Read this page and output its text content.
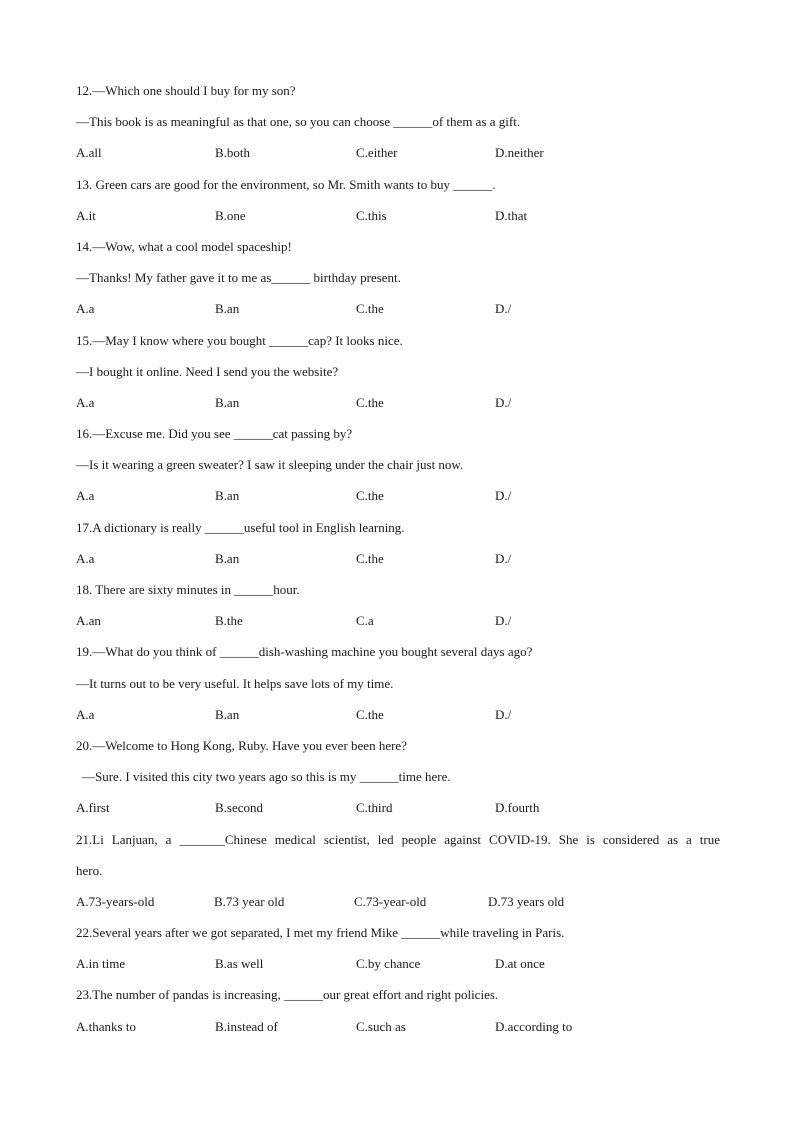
12.—Which one should I buy for my son?
—This book is as meaningful as that one, so you can choose ______of them as a gift.
A.all	B.both	C.either	D.neither
13. Green cars are good for the environment, so Mr. Smith wants to buy ______.
A.it	B.one	C.this	D.that
14.—Wow, what a cool model spaceship!
—Thanks! My father gave it to me as______ birthday present.
A.a	B.an	C.the	D./
15.—May I know where you bought ______cap? It looks nice.
—I bought it online. Need I send you the website?
A.a	B.an	C.the	D./
16.—Excuse me. Did you see ______cat passing by?
—Is it wearing a green sweater? I saw it sleeping under the chair just now.
A.a	B.an	C.the	D./
17.A dictionary is really ______useful tool in English learning.
A.a	B.an	C.the	D./
18. There are sixty minutes in ______hour.
A.an	B.the	C.a	D./
19.—What do you think of ______dish-washing machine you bought several days ago?
—It turns out to be very useful. It helps save lots of my time.
A.a	B.an	C.the	D./
20.—Welcome to Hong Kong, Ruby. Have you ever been here?
—Sure. I visited this city two years ago so this is my ______time here.
A.first	B.second	C.third	D.fourth
21.Li Lanjuan, a _______Chinese medical scientist, led people against COVID-19. She is considered as a true
hero.
A.73-years-old	B.73 year old	C.73-year-old	D.73 years old
22.Several years after we got separated, I met my friend Mike ______while traveling in Paris.
A.in time	B.as well	C.by chance	D.at once
23.The number of pandas is increasing, ______our great effort and right policies.
A.thanks to	B.instead of	C.such as	D.according to
